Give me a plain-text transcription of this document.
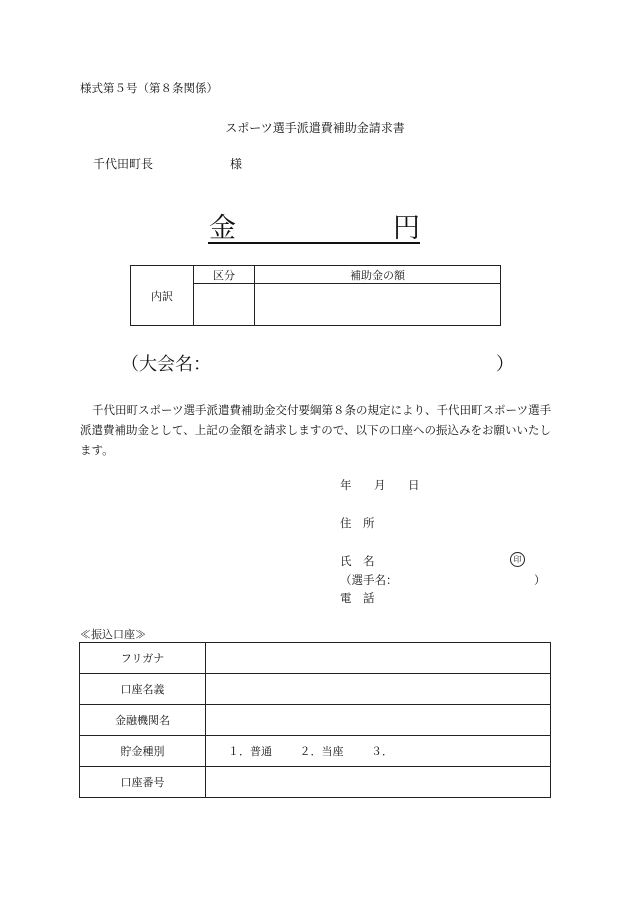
様式第５号（第８条関係）
スポーツ選手派遣費補助金請求書
千代田町長	様
金	円
内訳	区分	補助金の額

（大会名：	）
千代田町スポーツ選手派遣費補助金交付要綱第８条の規定により、千代田町スポーツ選手派遣費補助金として、上記の金額を請求しますので、以下の口座への振込みをお願いいたします。
年 月 日
住　所
氏　名	印
（選手名：	）
電　話
≪振込口座≫
フリガナ	
口座名義	
金融機関名	
貯金種別	１．普通 ２．当座 ３．
口座番号	
